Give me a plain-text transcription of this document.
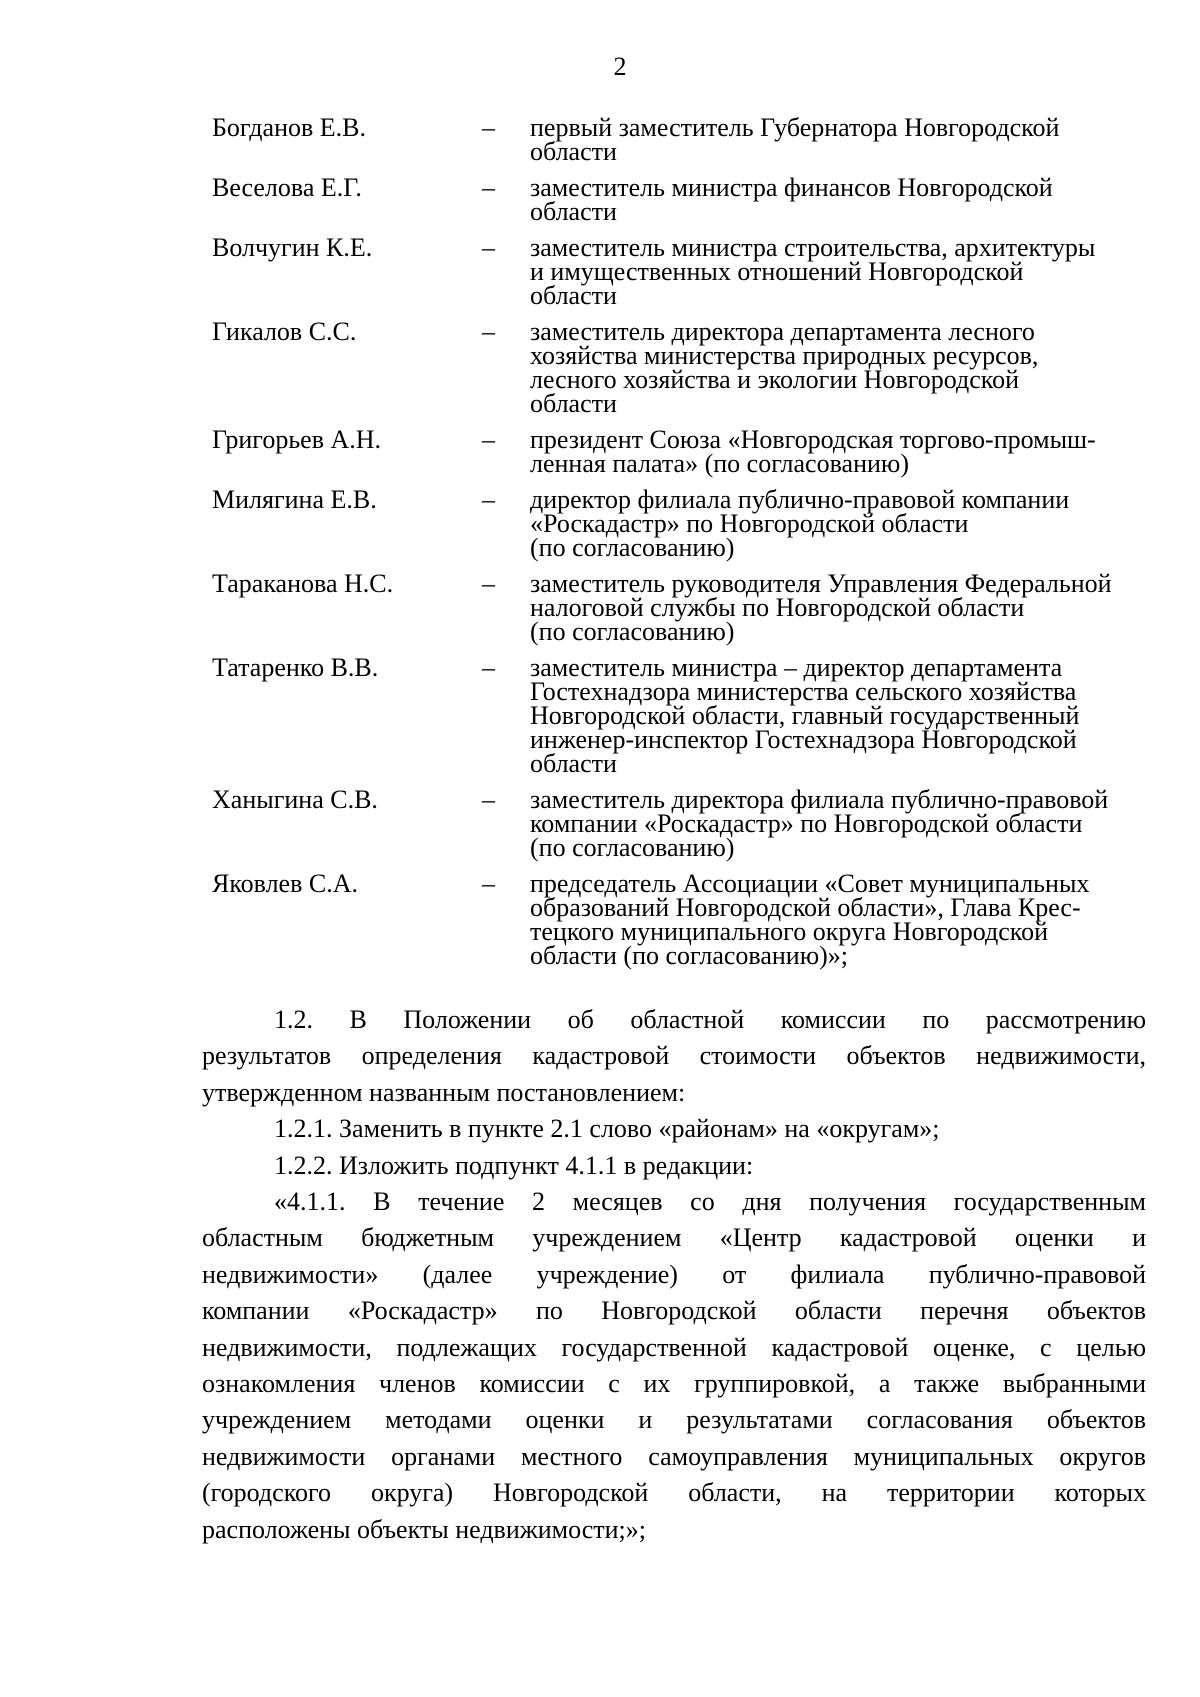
2
Богданов Е.В.	–	первый заместитель Губернатора Новгородской
области
Веселова Е.Г.	–	заместитель министра финансов Новгородской
области
Волчугин К.Е.	–	заместитель министра строительства, архитектуры
и имущественных отношений Новгородской
области
Гикалов С.С.	–	заместитель директора департамента лесного
хозяйства министерства природных ресурсов,
лесного хозяйства и экологии Новгородской
области
Григорьев А.Н.	–	президент Союза «Новгородская торгово-промыш-
ленная палата» (по согласованию)
Милягина Е.В.	–	директор филиала публично-правовой компании
«Роскадастр» по Новгородской области
(по согласованию)
Тараканова Н.С.	–	заместитель руководителя Управления Федеральной
налоговой службы по Новгородской области
(по согласованию)
Татаренко В.В.	–	заместитель министра – директор департамента
Гостехнадзора министерства сельского хозяйства
Новгородской области, главный государственный
инженер-инспектор Гостехнадзора Новгородской
области
Ханыгина С.В.	–	заместитель директора филиала публично-правовой
компании «Роскадастр» по Новгородской области
(по согласованию)
Яковлев С.А.	–	председатель Ассоциации «Совет муниципальных
образований Новгородской области», Глава Крес-
тецкого муниципального округа Новгородской
области (по согласованию)»;
1.2. В Положении об областной комиссии по рассмотрению
результатов определения кадастровой стоимости объектов недвижимости,
утвержденном названным постановлением:
1.2.1. Заменить в пункте 2.1 слово «районам» на «округам»;
1.2.2. Изложить подпункт 4.1.1 в редакции:
«4.1.1. В течение 2 месяцев со дня получения государственным
областным бюджетным учреждением «Центр кадастровой оценки и
недвижимости» (далее учреждение) от филиала публично-правовой
компании «Роскадастр» по Новгородской области перечня объектов
недвижимости, подлежащих государственной кадастровой оценке, с целью
ознакомления членов комиссии с их группировкой, а также выбранными
учреждением методами оценки и результатами согласования объектов
недвижимости органами местного самоуправления муниципальных округов
(городского округа) Новгородской области, на территории которых
расположены объекты недвижимости;»;
